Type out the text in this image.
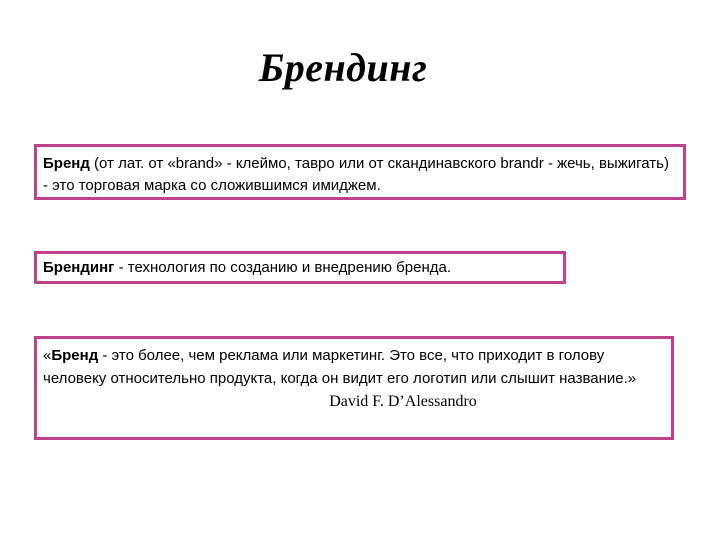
Брендинг
Бренд (от лат. от «brand» - клеймо, тавро или от скандинавского brandr - жечь, выжигать) - это торговая марка со сложившимся имиджем.
Брендинг - технология по созданию и внедрению бренда.
«Бренд - это более, чем реклама или маркетинг. Это все, что приходит в голову человеку относительно продукта, когда он видит его логотип или слышит название.»
David F. D’Alessandro
